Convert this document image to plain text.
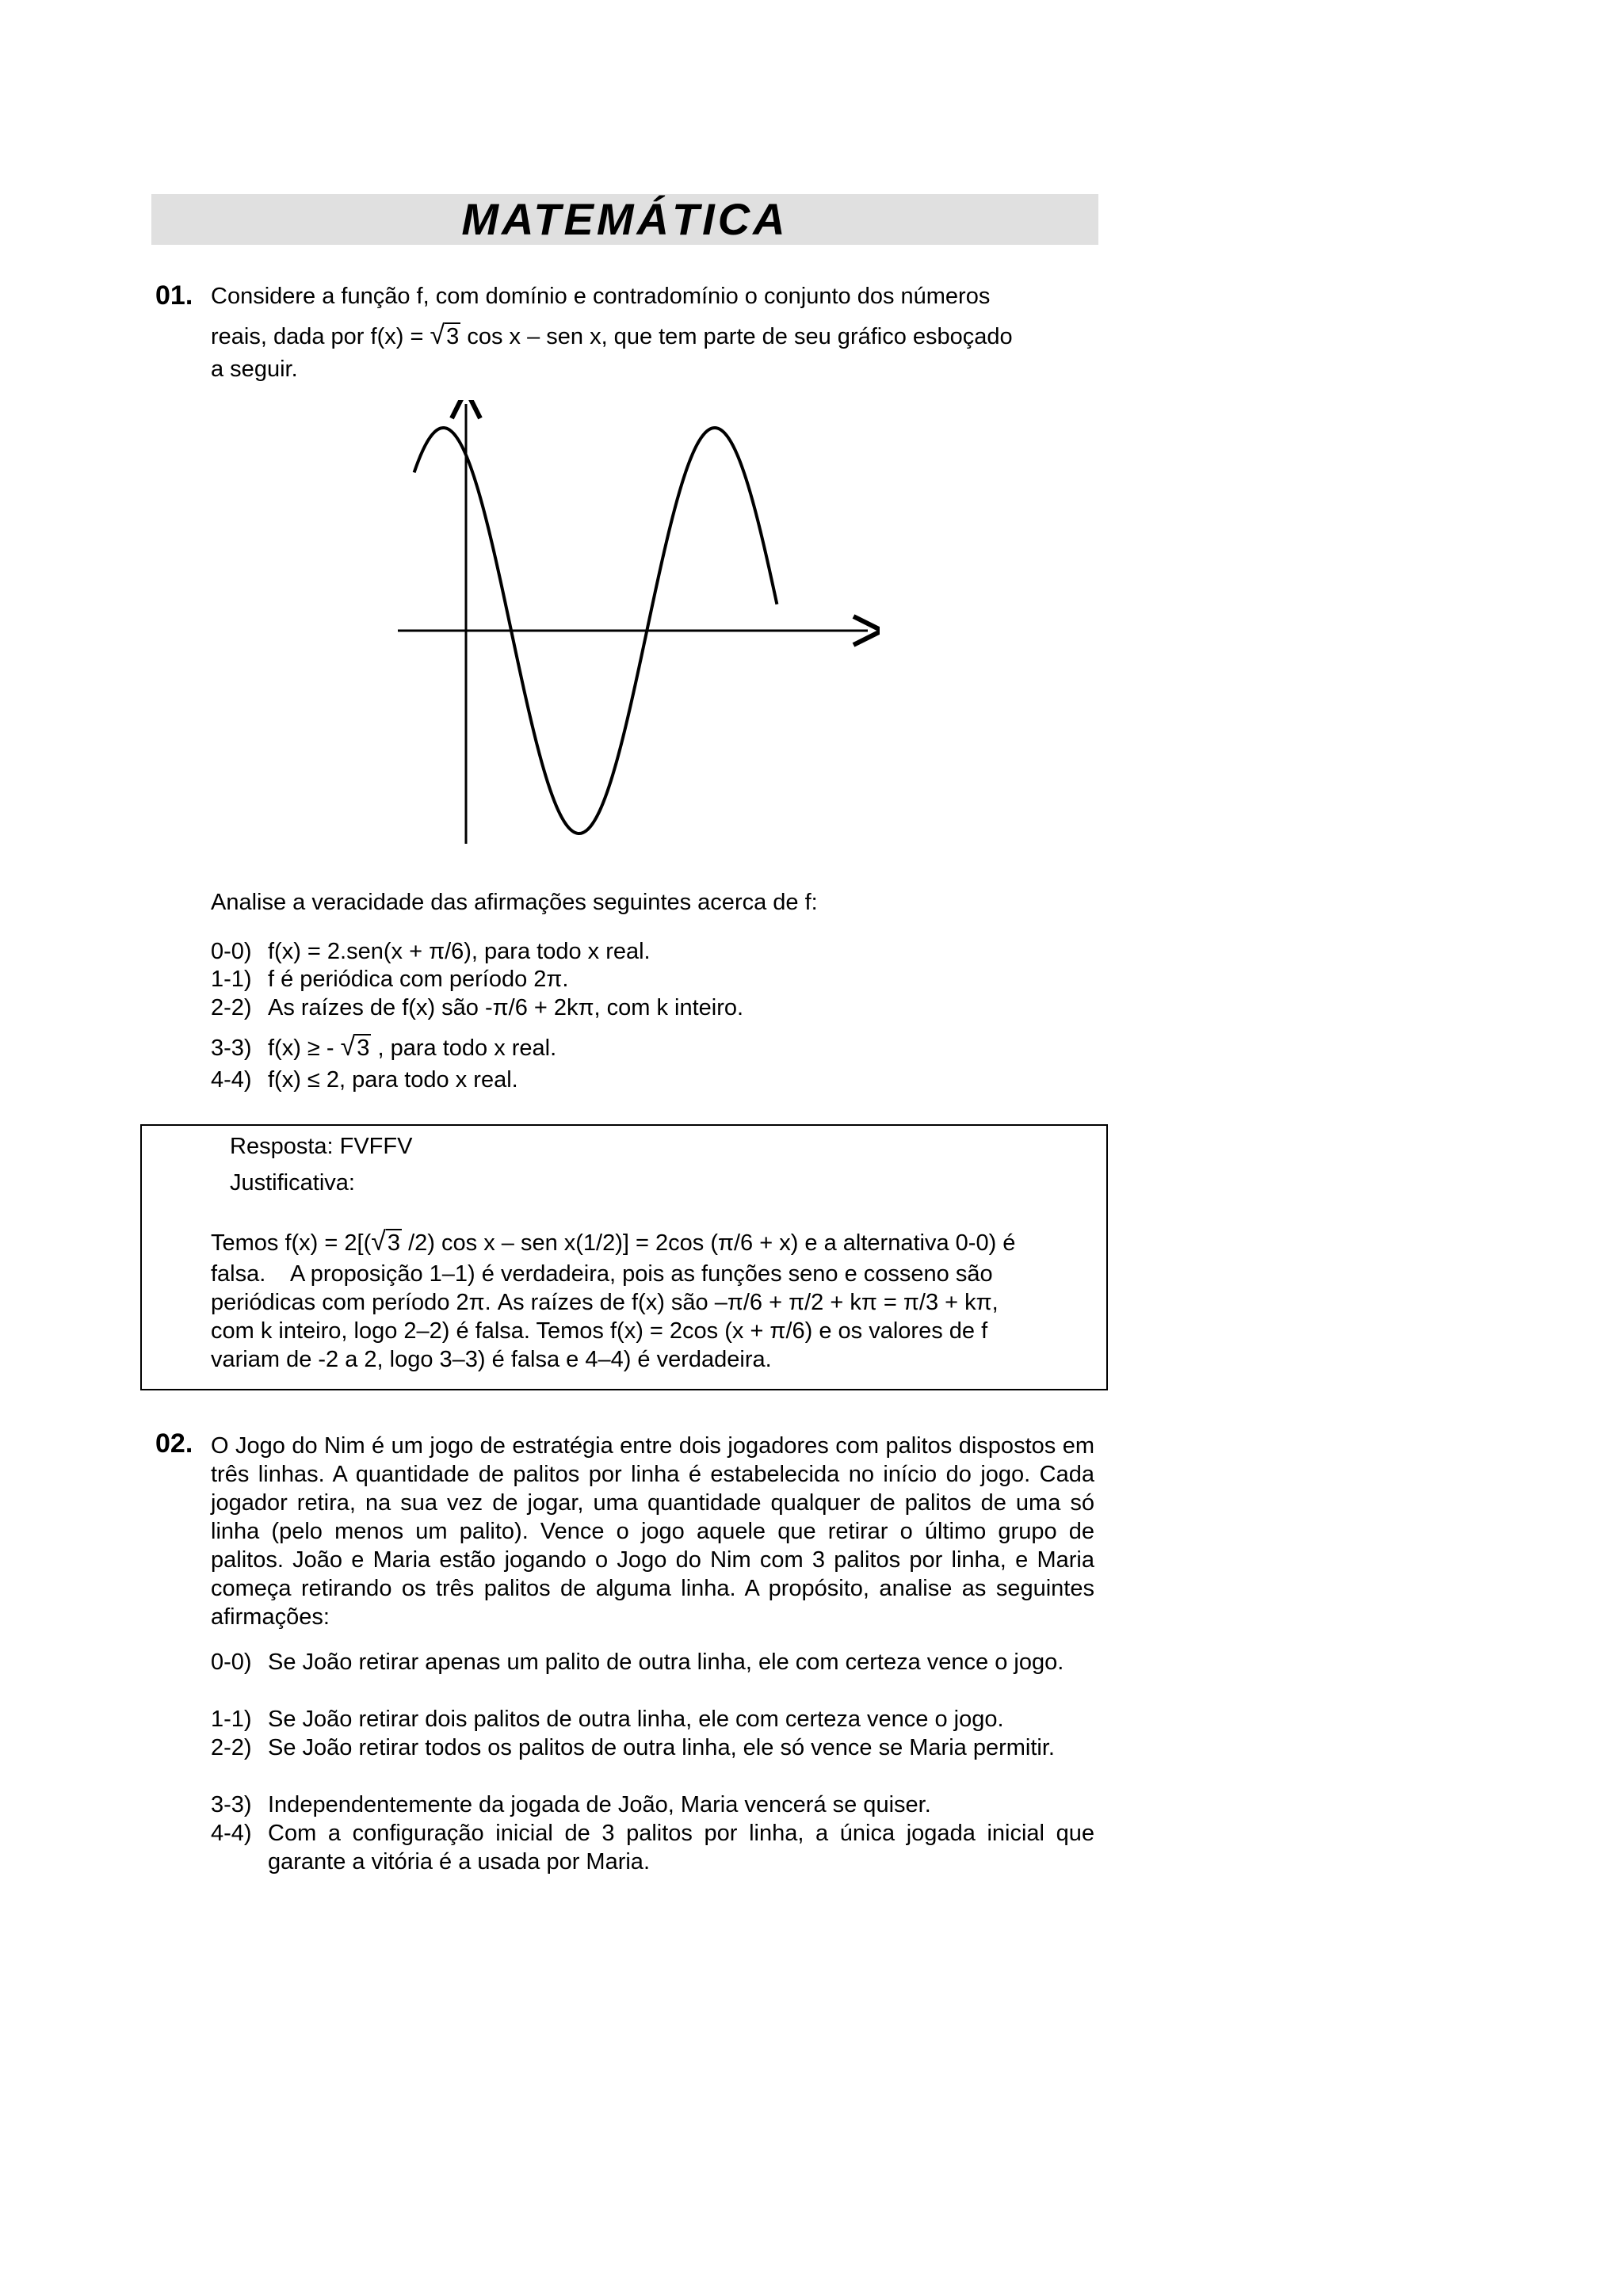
MATEMÁTICA
01. Considere a função f, com domínio e contradomínio o conjunto dos números
reais, dada por f(x) = √3 cos x – sen x, que tem parte de seu gráfico esboçado
a seguir.
Analise a veracidade das afirmações seguintes acerca de f:
0-0) f(x) = 2.sen(x + π/6), para todo x real.
1-1) f é periódica com período 2π.
2-2) As raízes de f(x) são -π/6 + 2kπ, com k inteiro.
3-3) f(x) ≥ - √3 , para todo x real.
4-4) f(x) ≤ 2, para todo x real.
Resposta: FVFFV
Justificativa:
Temos f(x) = 2[(√3 /2) cos x – sen x(1/2)] = 2cos (π/6 + x) e a alternativa 0-0) é
falsa.    A proposição 1–1) é verdadeira, pois as funções seno e cosseno são
periódicas com período 2π. As raízes de f(x) são –π/6 + π/2 + kπ = π/3 + kπ,
com k inteiro, logo 2–2) é falsa. Temos f(x) = 2cos (x + π/6) e os valores de f
variam de -2 a 2, logo 3–3) é falsa e 4–4) é verdadeira.
02. O Jogo do Nim é um jogo de estratégia entre dois jogadores com palitos dispostos em três linhas. A quantidade de palitos por linha é estabelecida no início do jogo. Cada jogador retira, na sua vez de jogar, uma quantidade qualquer de palitos de uma só linha (pelo menos um palito). Vence o jogo aquele que retirar o último grupo de palitos. João e Maria estão jogando o Jogo do Nim com 3 palitos por linha, e Maria começa retirando os três palitos de alguma linha. A propósito, analise as seguintes afirmações:
0-0) Se João retirar apenas um palito de outra linha, ele com certeza vence o jogo.
1-1) Se João retirar dois palitos de outra linha, ele com certeza vence o jogo.
2-2) Se João retirar todos os palitos de outra linha, ele só vence se Maria permitir.
3-3) Independentemente da jogada de João, Maria vencerá se quiser.
4-4) Com a configuração inicial de 3 palitos por linha, a única jogada inicial que garante a vitória é a usada por Maria.
